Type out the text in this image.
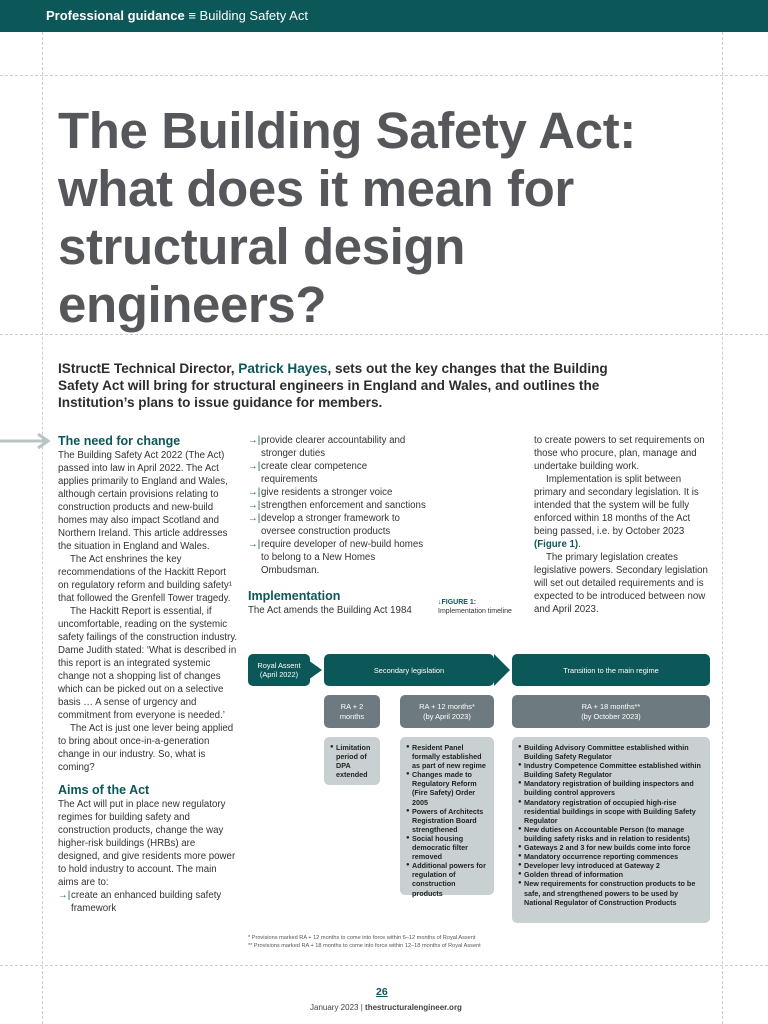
Professional guidance ≡ Building Safety Act
The Building Safety Act: what does it mean for structural design engineers?
IStructE Technical Director, Patrick Hayes, sets out the key changes that the Building Safety Act will bring for structural engineers in England and Wales, and outlines the Institution’s plans to issue guidance for members.
The need for change

The Building Safety Act 2022 (The Act) passed into law in April 2022. The Act applies primarily to England and Wales, although certain provisions relating to construction products and new-build homes may also impact Scotland and Northern Ireland. This article addresses the situation in England and Wales.

The Act enshrines the key recommendations of the Hackitt Report on regulatory reform and building safety¹ that followed the Grenfell Tower tragedy.

The Hackitt Report is essential, if uncomfortable, reading on the systemic safety failings of the construction industry. Dame Judith stated: ‘What is described in this report is an integrated systemic change not a shopping list of changes which can be picked out on a selective basis … A sense of urgency and commitment from everyone is needed.’

The Act is just one lever being applied to bring about once-in-a-generation change in our industry. So, what is coming?

Aims of the Act

The Act will put in place new regulatory regimes for building safety and construction products, change the way higher-risk buildings (HRBs) are designed, and give residents more power to hold industry to account. The main aims are to:

→| create an enhanced building safety framework
→| provide clearer accountability and stronger duties
→| create clear competence requirements
→| give residents a stronger voice
→| strengthen enforcement and sanctions
→| develop a stronger framework to oversee construction products
→| require developer of new-build homes to belong to a New Homes Ombudsman.
Implementation

The Act amends the Building Act 1984

↓FIGURE 1:
Implementation timeline

to create powers to set requirements on those who procure, plan, manage and undertake building work.

Implementation is split between primary and secondary legislation. It is intended that the system will be fully enforced within 18 months of the Act being passed, i.e. by October 2023 (Figure 1).

The primary legislation creates legislative powers. Secondary legislation will set out detailed requirements and is expected to be introduced between now and April 2023.

Royal Assent
(April 2022)	Secondary legislation	Transition to the main regime
RA + 2
months
RA + 12 months*
(by April 2023)
RA + 18 months**
(by October 2023)
● Limitation period of DPA extended
● Resident Panel formally established as part of new regime
● Changes made to Regulatory Reform (Fire Safety) Order 2005
● Powers of Architects Registration Board strengthened
● Social housing democratic filter removed
● Additional powers for regulation of construction products
● Building Advisory Committee established within Building Safety Regulator
● Industry Competence Committee established within Building Safety Regulator
● Mandatory registration of building inspectors and building control approvers
● Mandatory registration of occupied high-rise residential buildings in scope with Building Safety Regulator
● New duties on Accountable Person (to manage building safety risks and in relation to residents)
● Gateways 2 and 3 for new builds come into force
● Mandatory occurrence reporting commences
● Developer levy introduced at Gateway 2
● Golden thread of information
● New requirements for construction products to be safe, and strengthened powers to be used by National Regulator of Construction Products
* Provisions marked RA + 12 months to come into force within 6–12 months of Royal Assent
** Provisions marked RA + 18 months to come into force within 12–18 months of Royal Assent
26
January 2023 | thestructuralengineer.org
